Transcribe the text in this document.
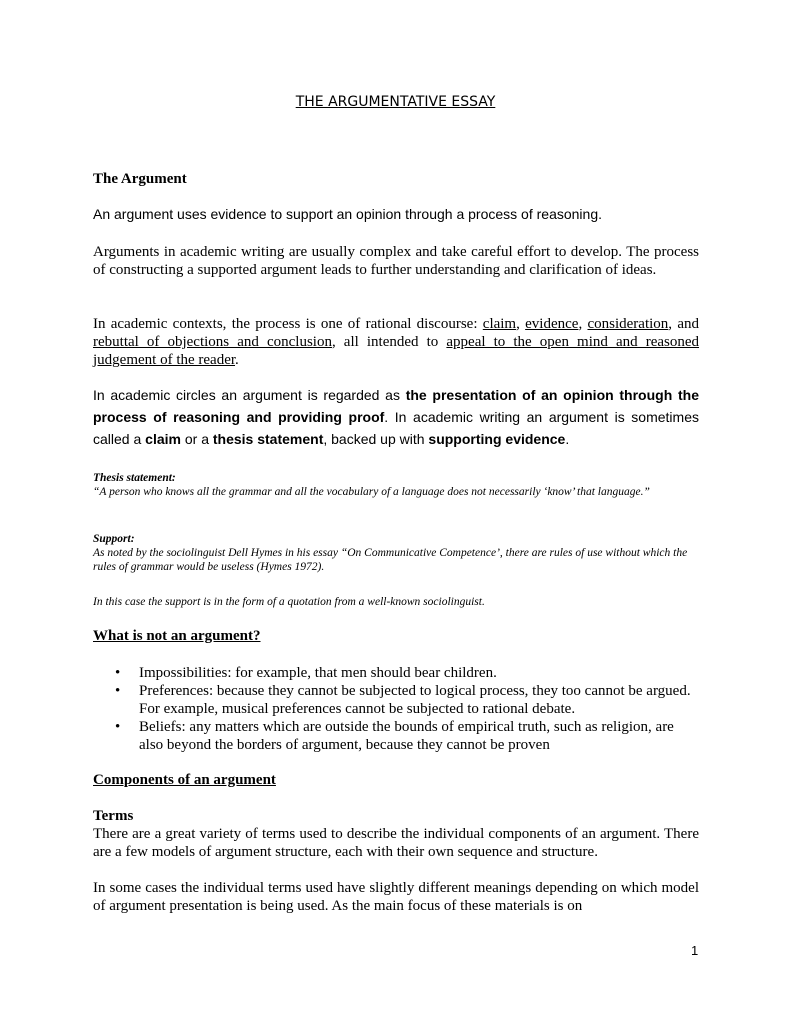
THE ARGUMENTATIVE ESSAY
The Argument
An argument uses evidence to support an opinion through a process of reasoning.
Arguments in academic writing are usually complex and take careful effort to develop. The process of constructing a supported argument leads to further understanding and clarification of ideas.
In academic contexts, the process is one of rational discourse: claim, evidence, consideration, and rebuttal of objections and conclusion, all intended to appeal to the open mind and reasoned judgement of the reader.
In academic circles an argument is regarded as the presentation of an opinion through the process of reasoning and providing proof. In academic writing an argument is sometimes called a claim or a thesis statement, backed up with supporting evidence.
Thesis statement:
“A person who knows all the grammar and all the vocabulary of a language does not necessarily ‘know’ that language.”
Support:
As noted by the sociolinguist Dell Hymes in his essay “On Communicative Competence’, there are rules of use without which the rules of grammar would be useless (Hymes 1972).
In this case the support is in the form of a quotation from a well-known sociolinguist.
What is not an argument?
• Impossibilities: for example, that men should bear children.
• Preferences: because they cannot be subjected to logical process, they too cannot be argued. For example, musical preferences cannot be subjected to rational debate.
• Beliefs: any matters which are outside the bounds of empirical truth, such as religion, are also beyond the borders of argument, because they cannot be proven
Components of an argument
Terms
There are a great variety of terms used to describe the individual components of an argument. There are a few models of argument structure, each with their own sequence and structure.
In some cases the individual terms used have slightly different meanings depending on which model of argument presentation is being used. As the main focus of these materials is on
1
